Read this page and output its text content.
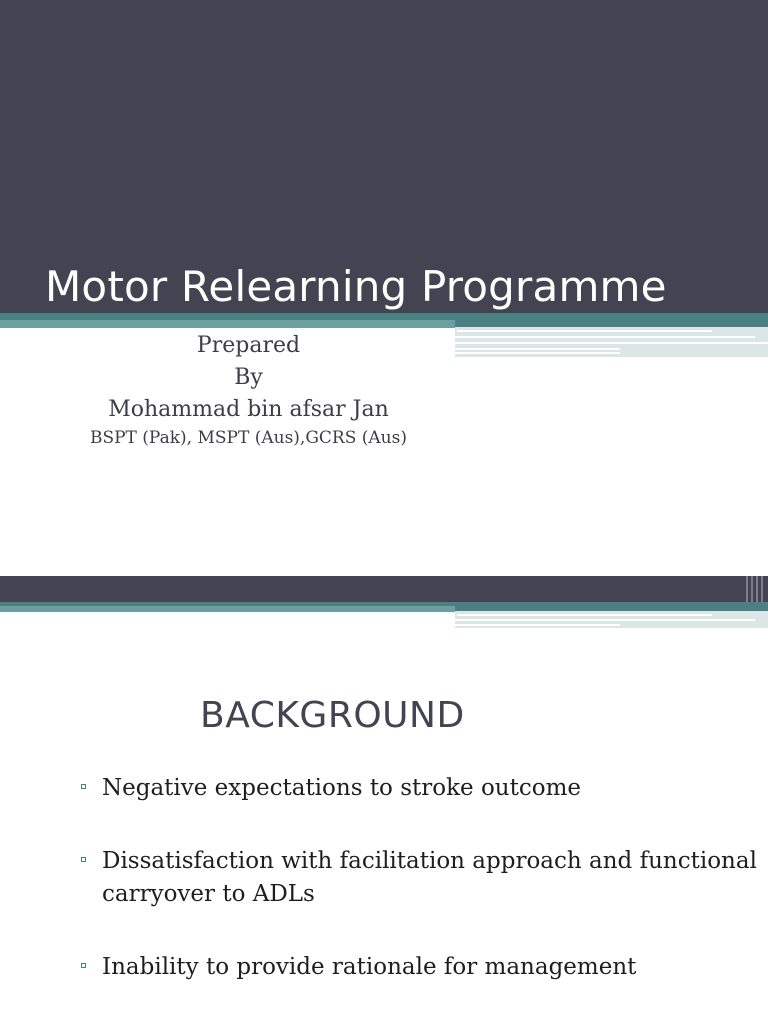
Motor Relearning Programme
Prepared
By
Mohammad bin afsar Jan
BSPT (Pak), MSPT (Aus),GCRS (Aus)
BACKGROUND
Negative expectations to stroke outcome
Dissatisfaction with facilitation approach and functional carryover to ADLs
Inability to provide rationale for management
